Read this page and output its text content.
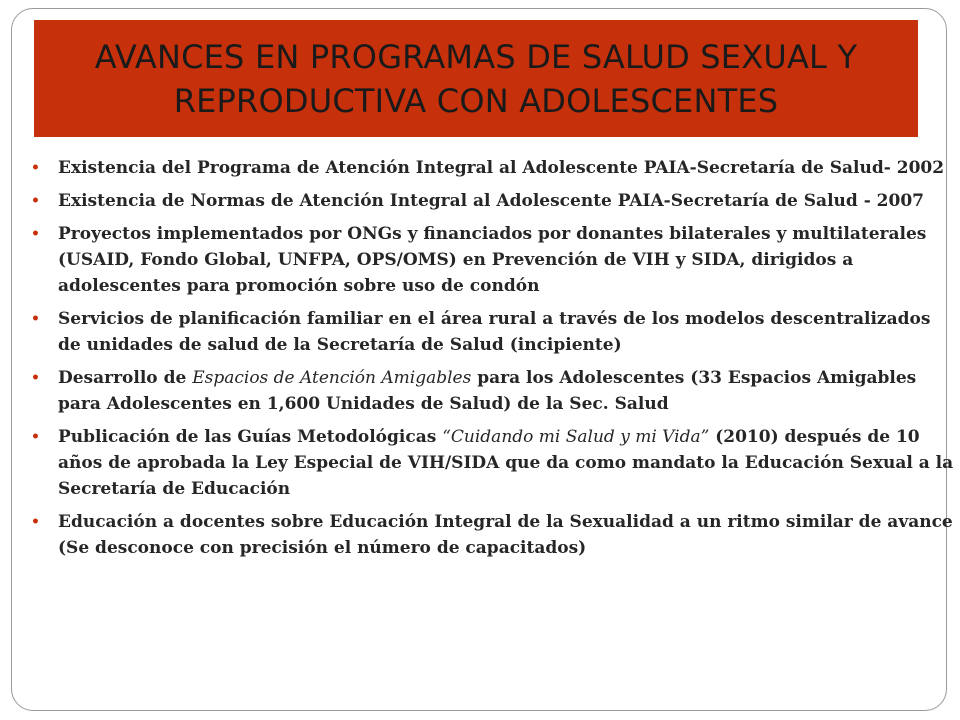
AVANCES EN PROGRAMAS DE SALUD SEXUAL Y REPRODUCTIVA CON ADOLESCENTES
• Existencia del Programa de Atención Integral al Adolescente PAIA-Secretaría de Salud- 2002
• Existencia de Normas de Atención Integral al Adolescente PAIA-Secretaría de Salud - 2007
• Proyectos implementados por ONGs y financiados por donantes bilaterales y multilaterales (USAID, Fondo Global, UNFPA, OPS/OMS) en Prevención de VIH y SIDA, dirigidos a adolescentes para promoción sobre uso de condón
• Servicios de planificación familiar en el área rural a través de los modelos descentralizados de unidades de salud de la Secretaría de Salud (incipiente)
• Desarrollo de Espacios de Atención Amigables para los Adolescentes (33 Espacios Amigables para Adolescentes en 1,600 Unidades de Salud) de la Sec. Salud
• Publicación de las Guías Metodológicas “Cuidando mi Salud y mi Vida” (2010) después de 10 años de aprobada la Ley Especial de VIH/SIDA que da como mandato la Educación Sexual a la Secretaría de Educación
• Educación a docentes sobre Educación Integral de la Sexualidad a un ritmo similar de avance (Se desconoce con precisión el número de capacitados)
